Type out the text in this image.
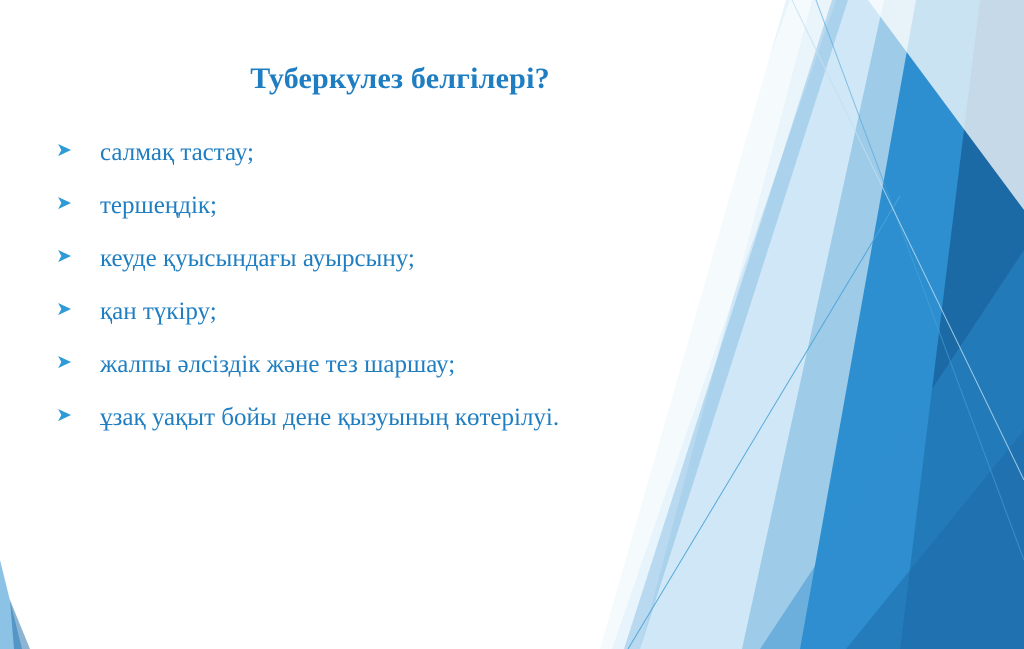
Туберкулез белгілері?
➤	салмақ тастау;
➤	тершеңдік;
➤	кеуде қуысындағы ауырсыну;
➤	қан түкіру;
➤	жалпы әлсіздік және тез шаршау;
➤	ұзақ уақыт бойы дене қызуының көтерілуі.
